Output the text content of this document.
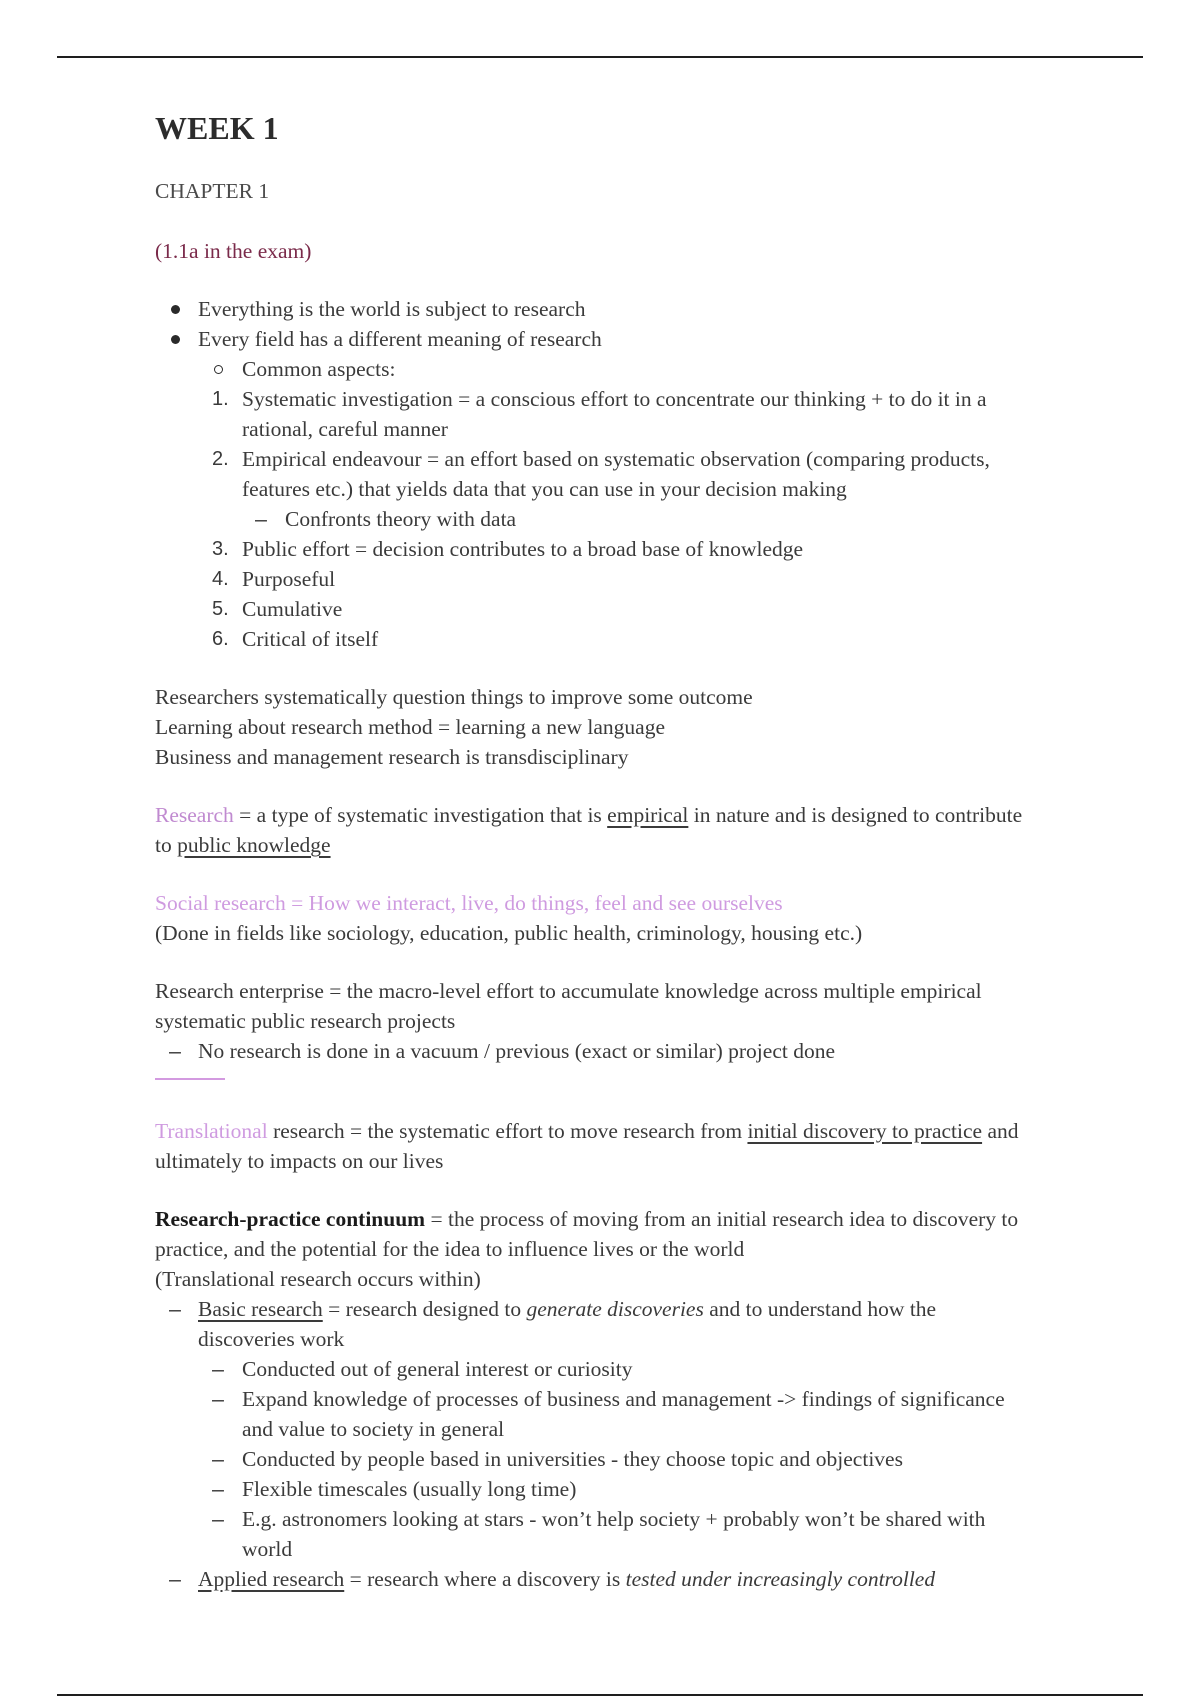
WEEK 1
CHAPTER 1
(1.1a in the exam)
Everything is the world is subject to research
Every field has a different meaning of research
Common aspects:
1. Systematic investigation = a conscious effort to concentrate our thinking + to do it in a rational, careful manner
2. Empirical endeavour = an effort based on systematic observation (comparing products, features etc.) that yields data that you can use in your decision making
– Confronts theory with data
3. Public effort = decision contributes to a broad base of knowledge
4. Purposeful
5. Cumulative
6. Critical of itself
Researchers systematically question things to improve some outcome
Learning about research method = learning a new language
Business and management research is transdisciplinary
Research = a type of systematic investigation that is empirical in nature and is designed to contribute to public knowledge
Social research = How we interact, live, do things, feel and see ourselves
(Done in fields like sociology, education, public health, criminology, housing etc.)
Research enterprise = the macro-level effort to accumulate knowledge across multiple empirical systematic public research projects
– No research is done in a vacuum / previous (exact or similar) project done
Translational research = the systematic effort to move research from initial discovery to practice and ultimately to impacts on our lives
Research-practice continuum = the process of moving from an initial research idea to discovery to practice, and the potential for the idea to influence lives or the world
(Translational research occurs within)
– Basic research = research designed to generate discoveries and to understand how the discoveries work
– Conducted out of general interest or curiosity
– Expand knowledge of processes of business and management -> findings of significance and value to society in general
– Conducted by people based in universities - they choose topic and objectives
– Flexible timescales (usually long time)
– E.g. astronomers looking at stars - won’t help society + probably won’t be shared with world
– Applied research = research where a discovery is tested under increasingly controlled
